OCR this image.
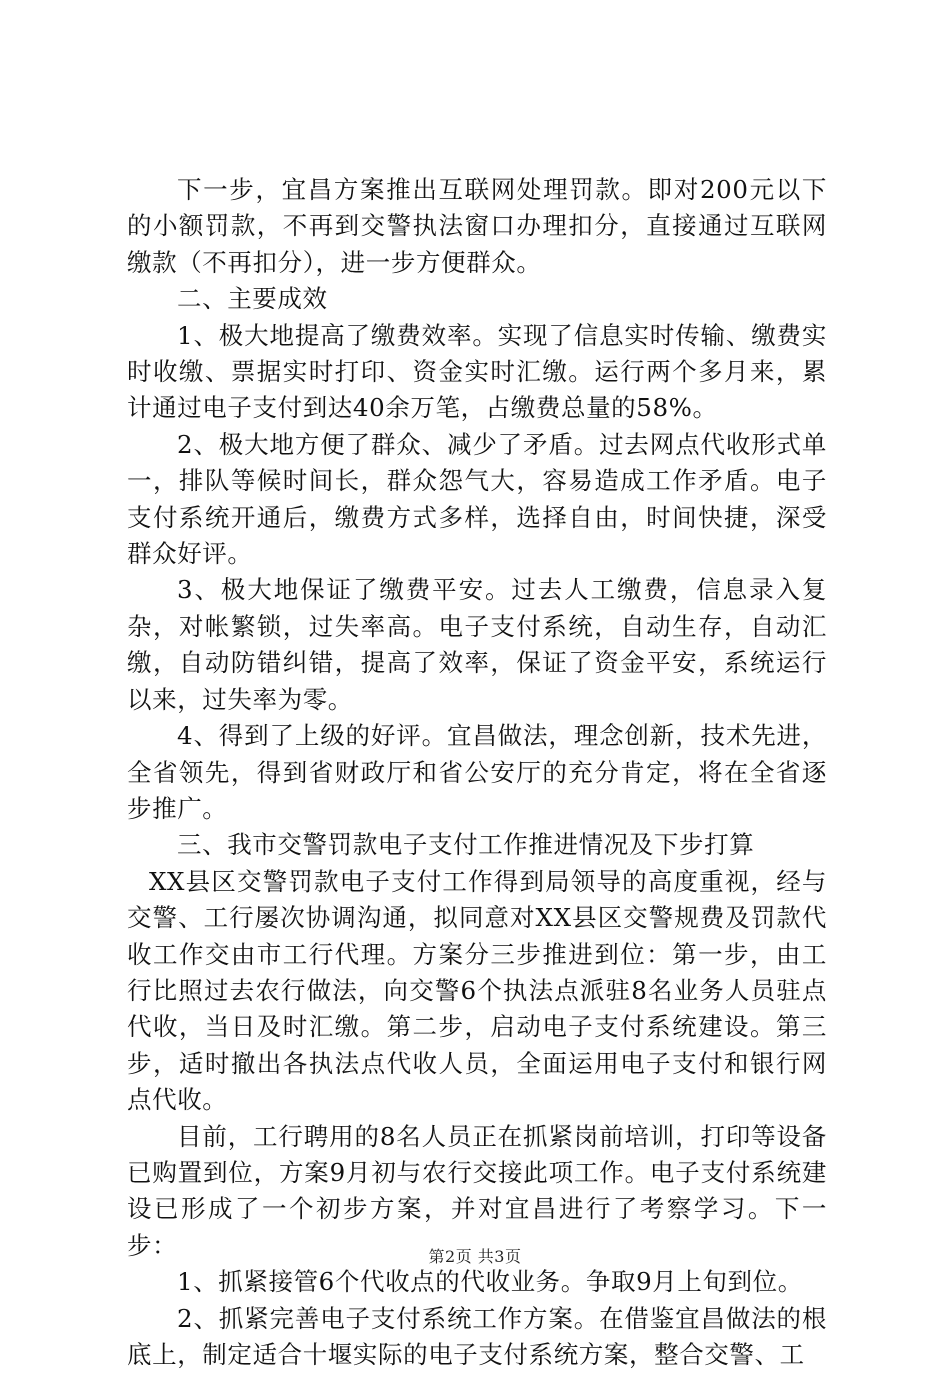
下一步，宜昌方案推出互联网处理罚款。即对200元以下的小额罚款，不再到交警执法窗口办理扣分，直接通过互联网缴款（不再扣分），进一步方便群众。

二、主要成效

1、极大地提高了缴费效率。实现了信息实时传输、缴费实时收缴、票据实时打印、资金实时汇缴。运行两个多月来，累计通过电子支付到达40余万笔，占缴费总量的58%。

2、极大地方便了群众、减少了矛盾。过去网点代收形式单一，排队等候时间长，群众怨气大，容易造成工作矛盾。电子支付系统开通后，缴费方式多样，选择自由，时间快捷，深受群众好评。

3、极大地保证了缴费平安。过去人工缴费，信息录入复杂，对帐繁锁，过失率高。电子支付系统，自动生存，自动汇缴，自动防错纠错，提高了效率，保证了资金平安，系统运行以来，过失率为零。

4、得到了上级的好评。宜昌做法，理念创新，技术先进，全省领先，得到省财政厅和省公安厅的充分肯定，将在全省逐步推广。

三、我市交警罚款电子支付工作推进情况及下步打算

XX县区交警罚款电子支付工作得到局领导的高度重视，经与交警、工行屡次协调沟通，拟同意对XX县区交警规费及罚款代收工作交由市工行代理。方案分三步推进到位：第一步，由工行比照过去农行做法，向交警6个执法点派驻8名业务人员驻点代收，当日及时汇缴。第二步，启动电子支付系统建设。第三步，适时撤出各执法点代收人员，全面运用电子支付和银行网点代收。

目前，工行聘用的8名人员正在抓紧岗前培训，打印等设备已购置到位，方案9月初与农行交接此项工作。电子支付系统建设已形成了一个初步方案，并对宜昌进行了考察学习。下一步：

1、抓紧接管6个代收点的代收业务。争取9月上旬到位。

2、抓紧完善电子支付系统工作方案。在借鉴宜昌做法的根底上，制定适合十堰实际的电子支付系统方案，整合交警、工

第2页 共3页
